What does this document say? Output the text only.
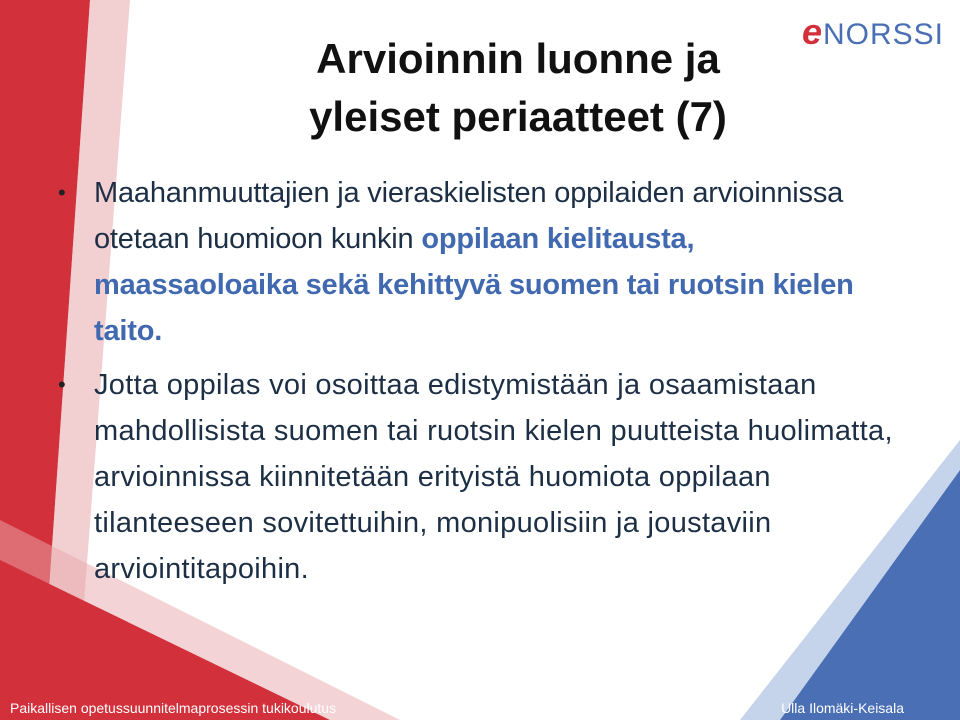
eNORSSI
Arvioinnin luonne ja
yleiset periaatteet (7)
• Maahanmuuttajien ja vieraskielisten oppilaiden arvioinnissa otetaan huomioon kunkin oppilaan kielitausta, maassaoloaika sekä kehittyvä suomen tai ruotsin kielen taito.
• Jotta oppilas voi osoittaa edistymistään ja osaamistaan mahdollisista suomen tai ruotsin kielen puutteista huolimatta, arvioinnissa kiinnitetään erityistä huomiota oppilaan tilanteeseen sovitettuihin, monipuolisiin ja joustaviin arviointitapoihin.
Paikallisen opetussuunnitelmaprosessin tukikoulutus	Ulla Ilomäki-Keisala
